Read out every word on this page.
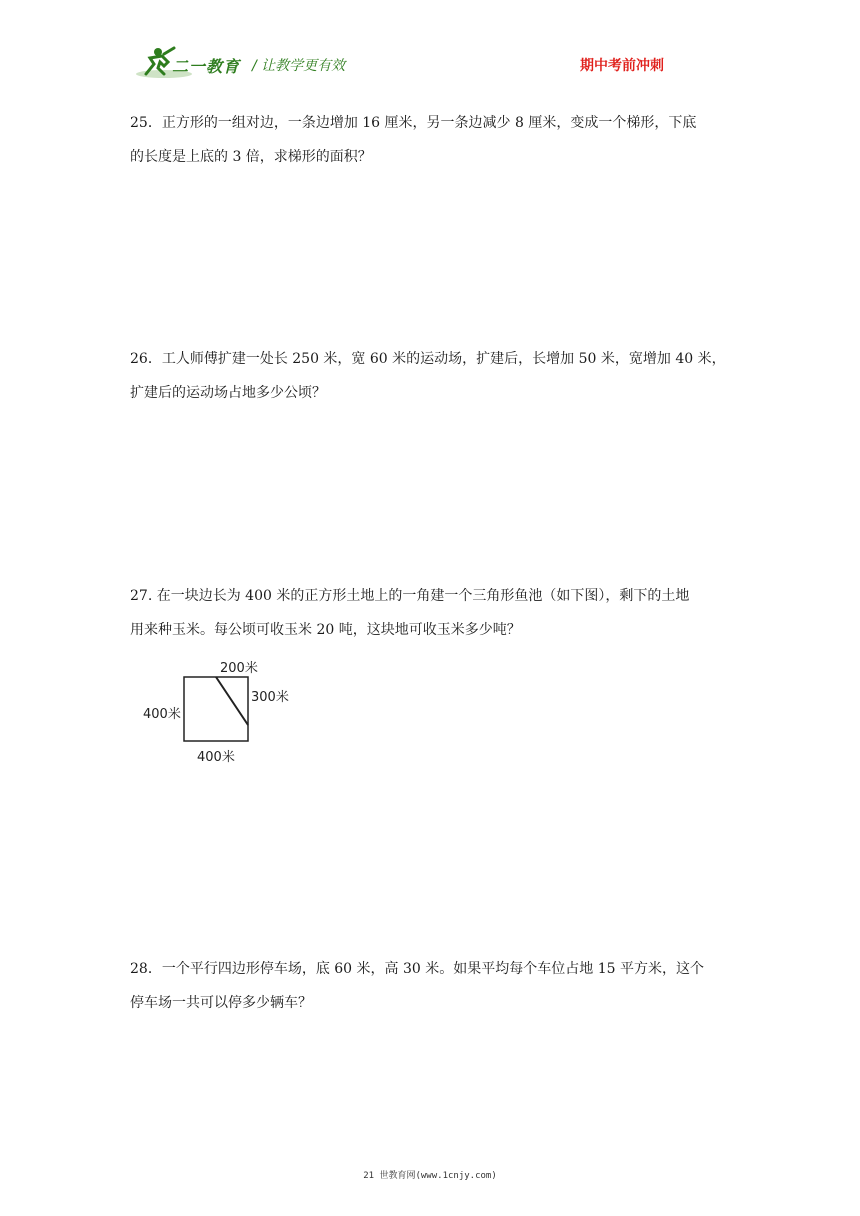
二一教育 / 让教学更有效	期中考前冲刺

25．正方形的一组对边，一条边增加 16 厘米，另一条边减少 8 厘米，变成一个梯形，下底

的长度是上底的 3 倍，求梯形的面积？

26．工人师傅扩建一处长 250 米，宽 60 米的运动场，扩建后，长增加 50 米，宽增加 40 米，

扩建后的运动场占地多少公顷？

27. 在一块边长为 400 米的正方形土地上的一角建一个三角形鱼池（如下图），剩下的土地

用来种玉米。每公顷可收玉米 20 吨，这块地可收玉米多少吨？

200米
300米
400米
400米

28．一个平行四边形停车场，底 60 米，高 30 米。如果平均每个车位占地 15 平方米，这个

停车场一共可以停多少辆车？

21 世教育网(www.1cnjy.com)
